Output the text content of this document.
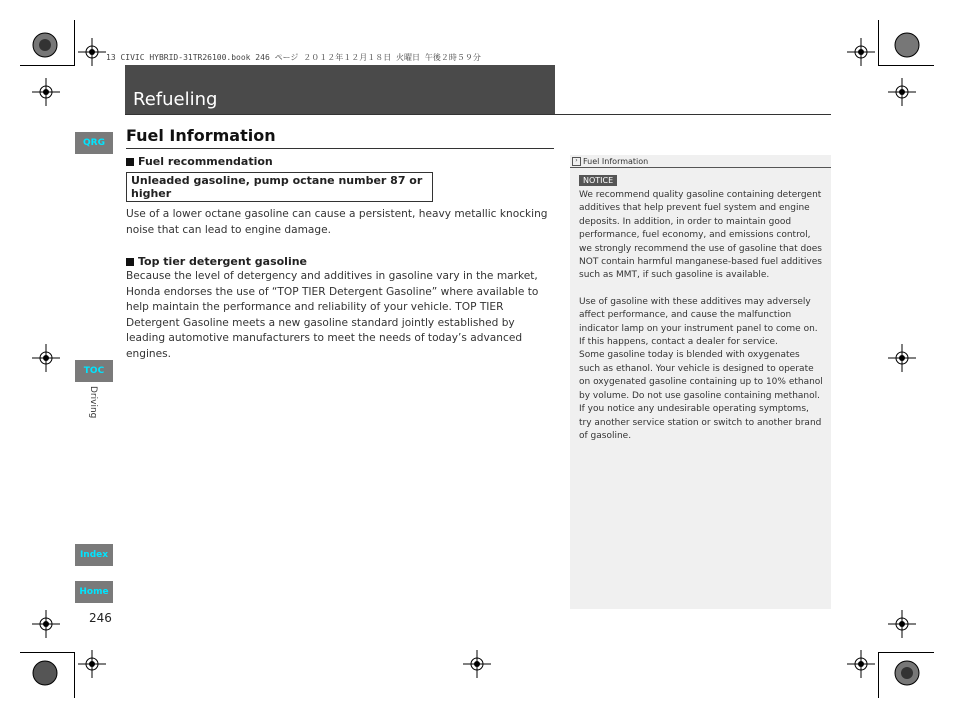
13 CIVIC HYBRID-31TR26100.book 246 ページ ２０１２年１２月１８日 火曜日 午後２時５９分
Refueling
QRG
TOC
Driving
Index
Home
246
Fuel Information
Fuel recommendation
Unleaded gasoline, pump octane number 87 or higher

Use of a lower octane gasoline can cause a persistent, heavy metallic knocking noise that can lead to engine damage.

Top tier detergent gasoline

Because the level of detergency and additives in gasoline vary in the market, Honda endorses the use of “TOP TIER Detergent Gasoline” where available to help maintain the performance and reliability of your vehicle. TOP TIER Detergent Gasoline meets a new gasoline standard jointly established by leading automotive manufacturers to meet the needs of today’s advanced engines.

› Fuel Information
NOTICE

We recommend quality gasoline containing detergent additives that help prevent fuel system and engine deposits. In addition, in order to maintain good performance, fuel economy, and emissions control, we strongly recommend the use of gasoline that does NOT contain harmful manganese-based fuel additives such as MMT, if such gasoline is available.

Use of gasoline with these additives may adversely affect performance, and cause the malfunction indicator lamp on your instrument panel to come on. If this happens, contact a dealer for service.

Some gasoline today is blended with oxygenates such as ethanol. Your vehicle is designed to operate on oxygenated gasoline containing up to 10% ethanol by volume. Do not use gasoline containing methanol. If you notice any undesirable operating symptoms, try another service station or switch to another brand of gasoline.
